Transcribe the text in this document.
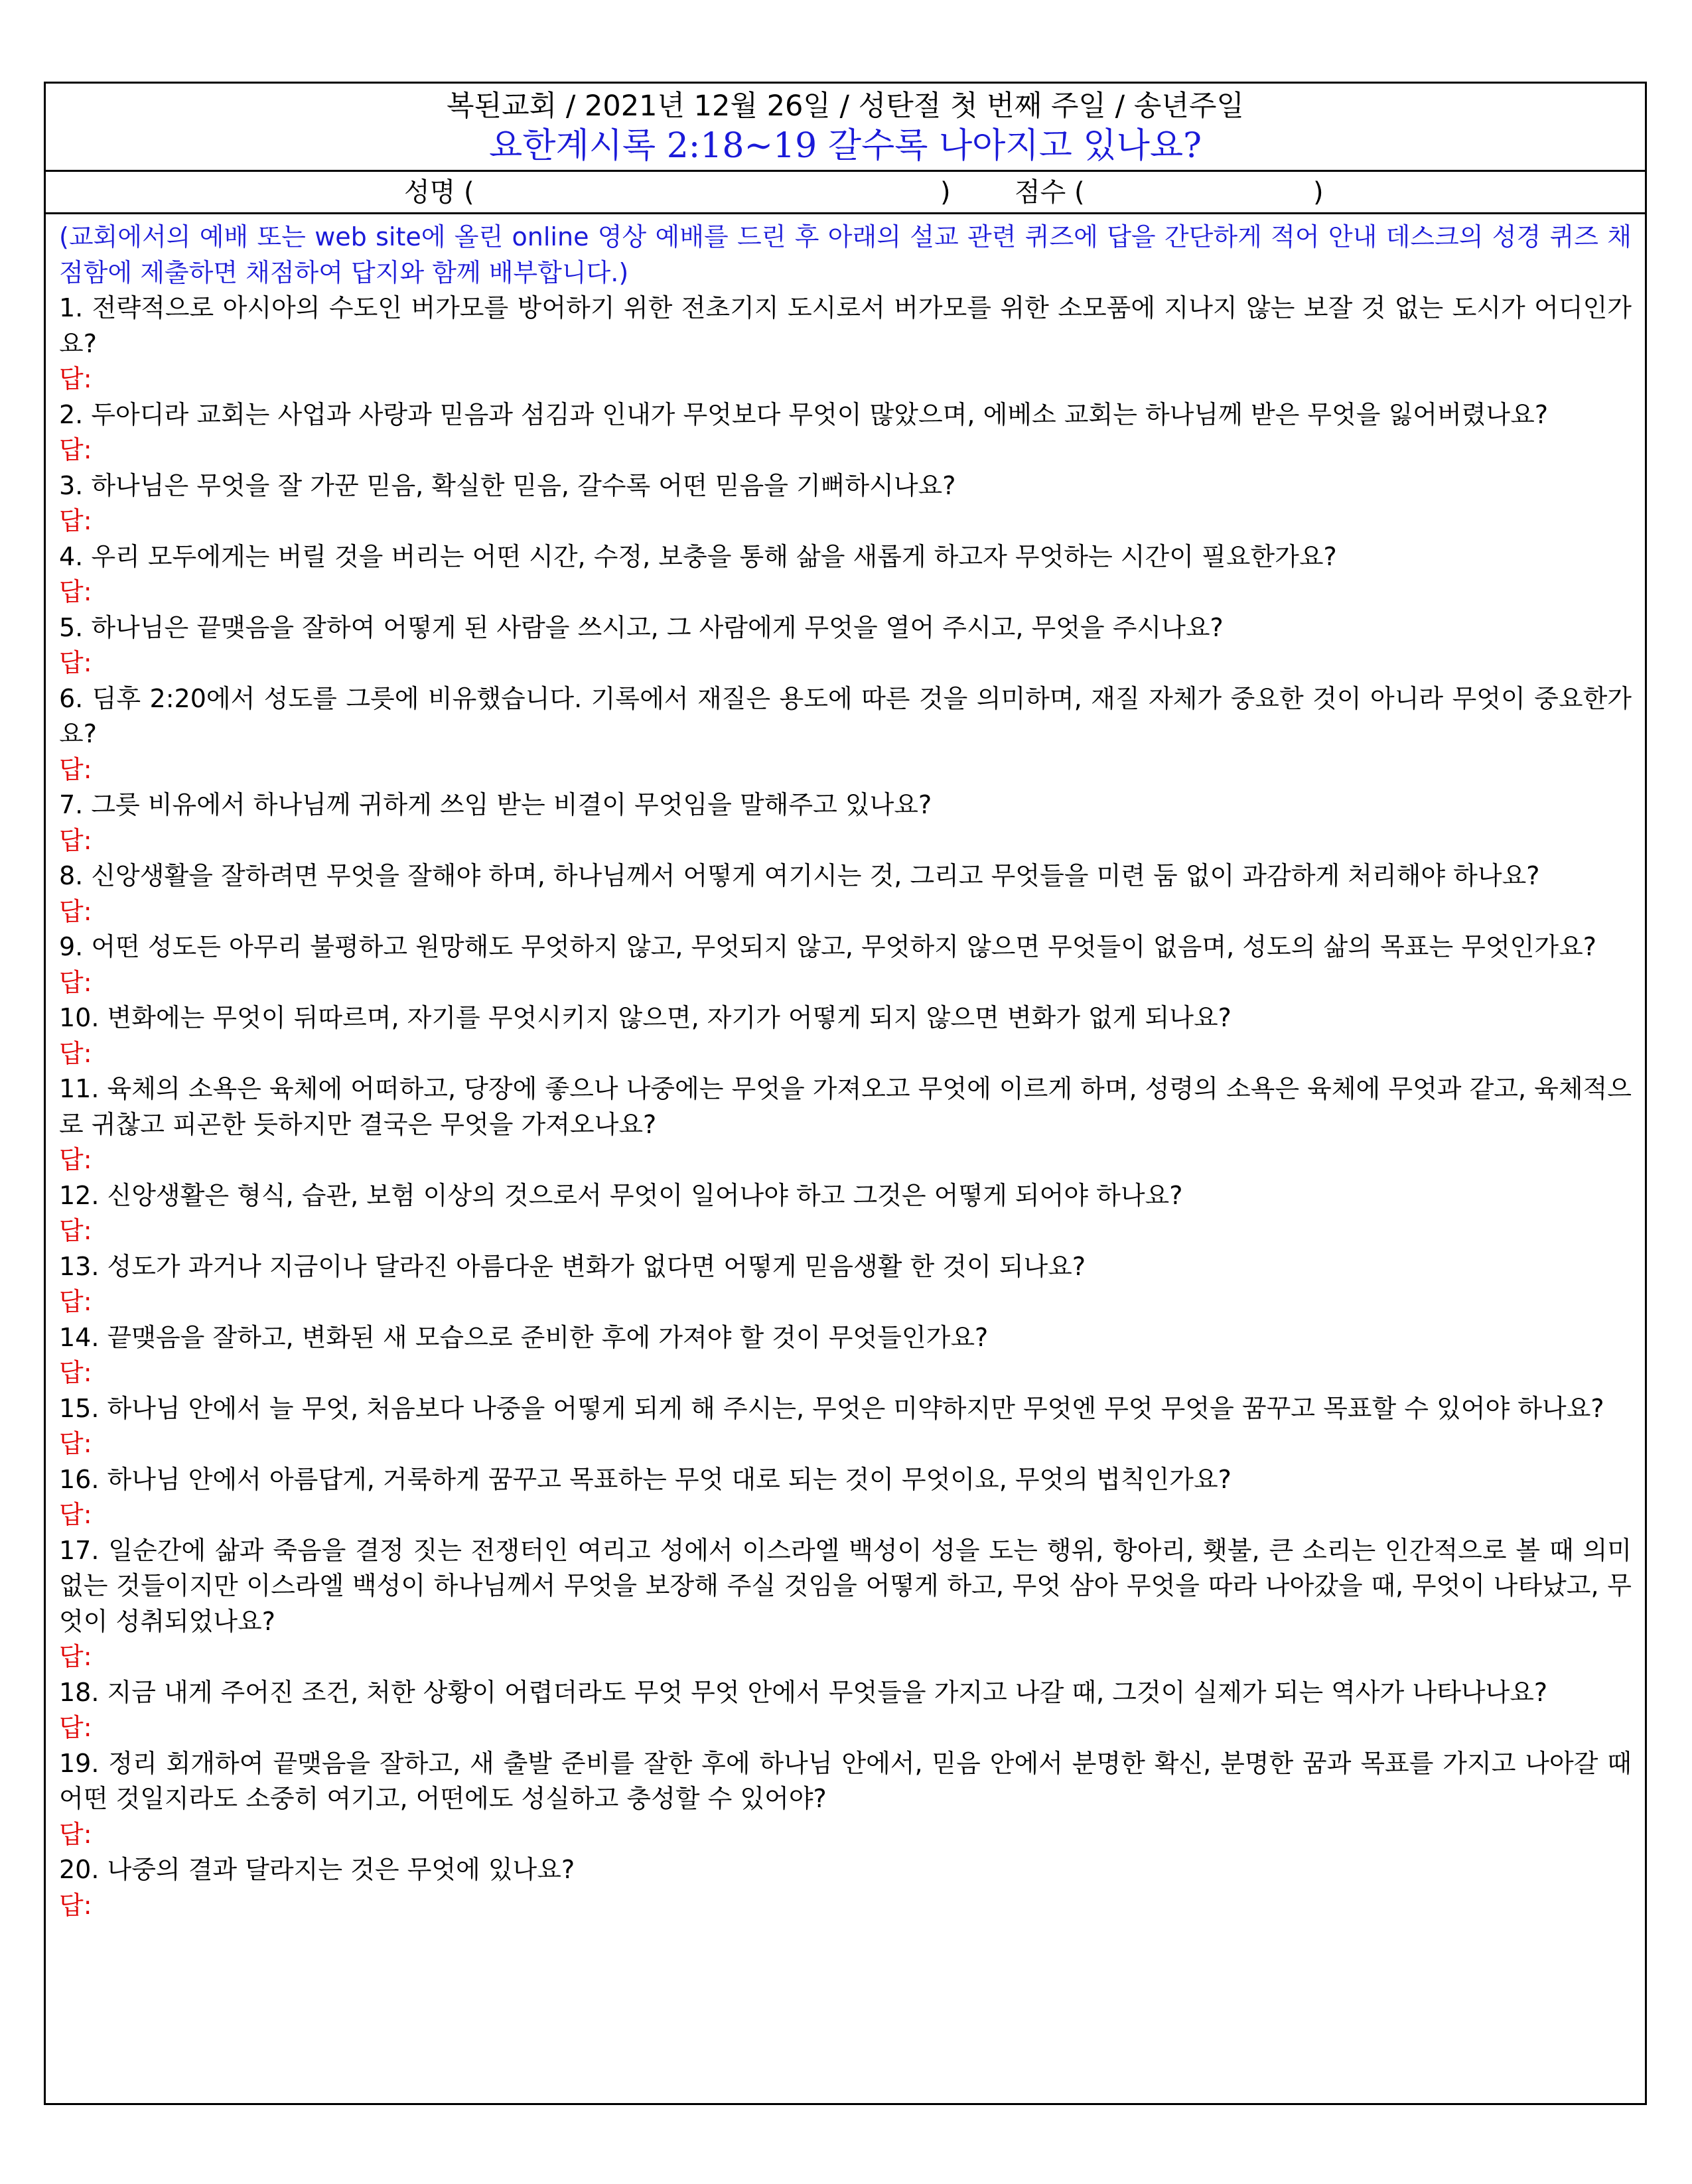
복된교회 / 2021년 12월 26일 / 성탄절 첫 번째 주일 / 송년주일
요한계시록 2:18~19 갈수록 나아지고 있나요?
성명 (	) 점수 (	)

(교회에서의 예배 또는 web site에 올린 online 영상 예배를 드린 후 아래의 설교 관련 퀴즈에 답을 간단하게 적어 안내 데스크의 성경 퀴즈 채점함에 제출하면 채점하여 답지와 함께 배부합니다.)

1. 전략적으로 아시아의 수도인 버가모를 방어하기 위한 전초기지 도시로서 버가모를 위한 소모품에 지나지 않는 보잘 것 없는 도시가 어디인가요?

답:

2. 두아디라 교회는 사업과 사랑과 믿음과 섬김과 인내가 무엇보다 무엇이 많았으며, 에베소 교회는 하나님께 받은 무엇을 잃어버렸나요?

답:

3. 하나님은 무엇을 잘 가꾼 믿음, 확실한 믿음, 갈수록 어떤 믿음을 기뻐하시나요?

답:

4. 우리 모두에게는 버릴 것을 버리는 어떤 시간, 수정, 보충을 통해 삶을 새롭게 하고자 무엇하는 시간이 필요한가요?

답:

5. 하나님은 끝맺음을 잘하여 어떻게 된 사람을 쓰시고, 그 사람에게 무엇을 열어 주시고, 무엇을 주시나요?

답:

6. 딤후 2:20에서 성도를 그릇에 비유했습니다. 기록에서 재질은 용도에 따른 것을 의미하며, 재질 자체가 중요한 것이 아니라 무엇이 중요한가요?

답:

7. 그릇 비유에서 하나님께 귀하게 쓰임 받는 비결이 무엇임을 말해주고 있나요?

답:

8. 신앙생활을 잘하려면 무엇을 잘해야 하며, 하나님께서 어떻게 여기시는 것, 그리고 무엇들을 미련 둠 없이 과감하게 처리해야 하나요?

답:

9. 어떤 성도든 아무리 불평하고 원망해도 무엇하지 않고, 무엇되지 않고, 무엇하지 않으면 무엇들이 없음며, 성도의 삶의 목표는 무엇인가요?

답:

10. 변화에는 무엇이 뒤따르며, 자기를 무엇시키지 않으면, 자기가 어떻게 되지 않으면 변화가 없게 되나요?

답:

11. 육체의 소욕은 육체에 어떠하고, 당장에 좋으나 나중에는 무엇을 가져오고 무엇에 이르게 하며, 성령의 소욕은 육체에 무엇과 같고, 육체적으로 귀찮고 피곤한 듯하지만 결국은 무엇을 가져오나요?

답:

12. 신앙생활은 형식, 습관, 보험 이상의 것으로서 무엇이 일어나야 하고 그것은 어떻게 되어야 하나요?

답:

13. 성도가 과거나 지금이나 달라진 아름다운 변화가 없다면 어떻게 믿음생활 한 것이 되나요?

답:

14. 끝맺음을 잘하고, 변화된 새 모습으로 준비한 후에 가져야 할 것이 무엇들인가요?

답:

15. 하나님 안에서 늘 무엇, 처음보다 나중을 어떻게 되게 해 주시는, 무엇은 미약하지만 무엇엔 무엇 무엇을 꿈꾸고 목표할 수 있어야 하나요?

답:

16. 하나님 안에서 아름답게, 거룩하게 꿈꾸고 목표하는 무엇 대로 되는 것이 무엇이요, 무엇의 법칙인가요?

답:

17. 일순간에 삶과 죽음을 결정 짓는 전쟁터인 여리고 성에서 이스라엘 백성이 성을 도는 행위, 항아리, 횃불, 큰 소리는 인간적으로 볼 때 의미 없는 것들이지만 이스라엘 백성이 하나님께서 무엇을 보장해 주실 것임을 어떻게 하고, 무엇 삼아 무엇을 따라 나아갔을 때, 무엇이 나타났고, 무엇이 성취되었나요?

답:

18. 지금 내게 주어진 조건, 처한 상황이 어렵더라도 무엇 무엇 안에서 무엇들을 가지고 나갈 때, 그것이 실제가 되는 역사가 나타나나요?

답:

19. 정리 회개하여 끝맺음을 잘하고, 새 출발 준비를 잘한 후에 하나님 안에서, 믿음 안에서 분명한 확신, 분명한 꿈과 목표를 가지고 나아갈 때 어떤 것일지라도 소중히 여기고, 어떤에도 성실하고 충성할 수 있어야?

답:

20. 나중의 결과 달라지는 것은 무엇에 있나요?

답:
